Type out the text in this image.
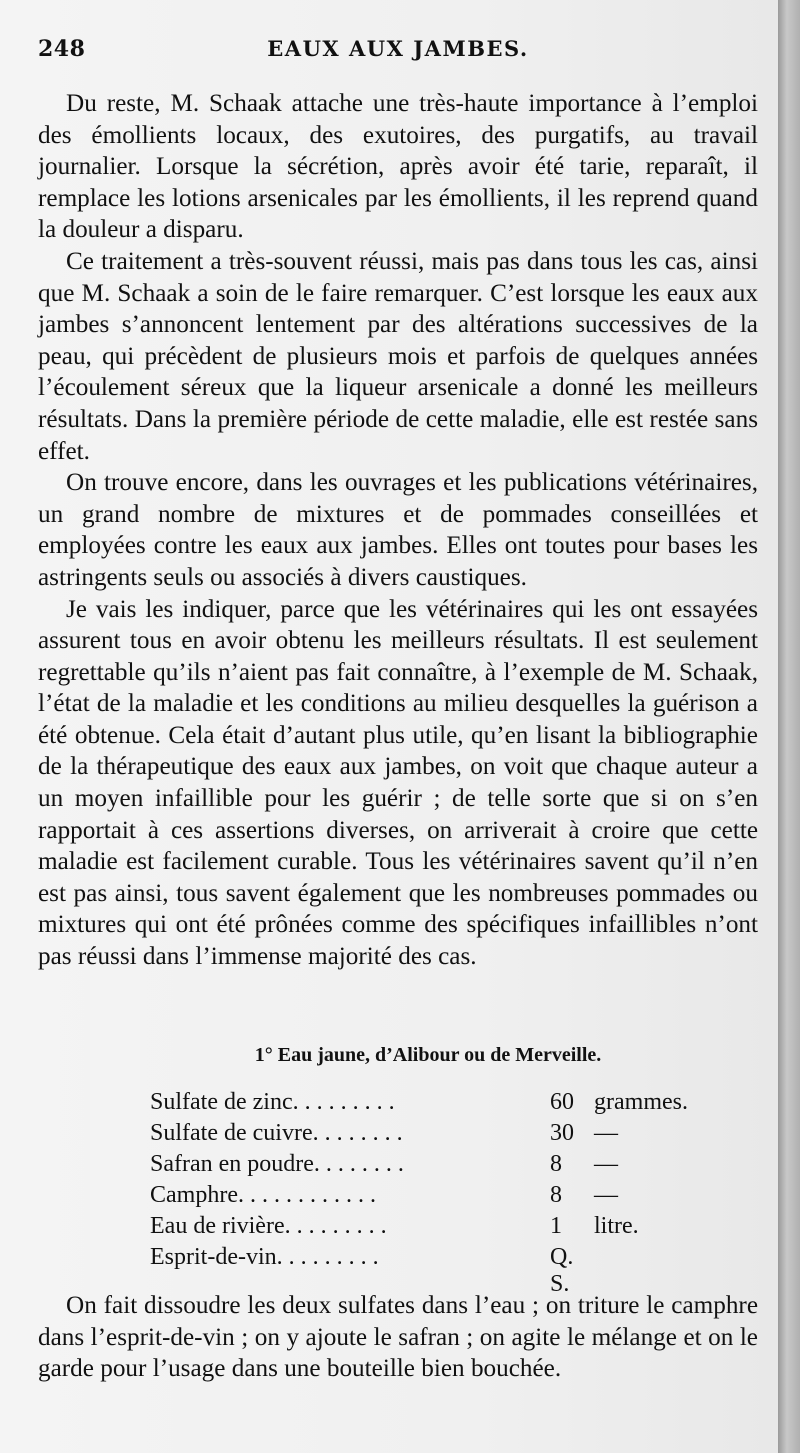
248	EAUX AUX JAMBES.

Du reste, M. Schaak attache une très-haute importance à l’emploi des émollients locaux, des exutoires, des purgatifs, au travail journalier. Lorsque la sécrétion, après avoir été tarie, reparaît, il remplace les lotions arsenicales par les émollients, il les reprend quand la douleur a disparu.

Ce traitement a très-souvent réussi, mais pas dans tous les cas, ainsi que M. Schaak a soin de le faire remarquer. C’est lorsque les eaux aux jambes s’annoncent lentement par des altérations successives de la peau, qui précèdent de plusieurs mois et parfois de quelques années l’écoulement séreux que la liqueur arsenicale a donné les meilleurs résultats. Dans la première période de cette maladie, elle est restée sans effet.

On trouve encore, dans les ouvrages et les publications vétérinaires, un grand nombre de mixtures et de pommades conseillées et employées contre les eaux aux jambes. Elles ont toutes pour bases les astringents seuls ou associés à divers caustiques.

Je vais les indiquer, parce que les vétérinaires qui les ont essayées assurent tous en avoir obtenu les meilleurs résultats. Il est seulement regrettable qu’ils n’aient pas fait connaître, à l’exemple de M. Schaak, l’état de la maladie et les conditions au milieu desquelles la guérison a été obtenue. Cela était d’autant plus utile, qu’en lisant la bibliographie de la thérapeutique des eaux aux jambes, on voit que chaque auteur a un moyen infaillible pour les guérir ; de telle sorte que si on s’en rapportait à ces assertions diverses, on arriverait à croire que cette maladie est facilement curable. Tous les vétérinaires savent qu’il n’en est pas ainsi, tous savent également que les nombreuses pommades ou mixtures qui ont été prônées comme des spécifiques infaillibles n’ont pas réussi dans l’immense majorité des cas.

1° Eau jaune, d’Alibour ou de Merveille.
Sulfate de zinc. . . . . . . . .	60	grammes.
Sulfate de cuivre. . . . . . . .	30	—
Safran en poudre. . . . . . . .	8	—
Camphre. . . . . . . . . . . .	8	—
Eau de rivière. . . . . . . . .	1	litre.
Esprit-de-vin. . . . . . . . .	Q. S.	

On fait dissoudre les deux sulfates dans l’eau ; on triture le camphre dans l’esprit-de-vin ; on y ajoute le safran ; on agite le mélange et on le garde pour l’usage dans une bouteille bien bouchée.
